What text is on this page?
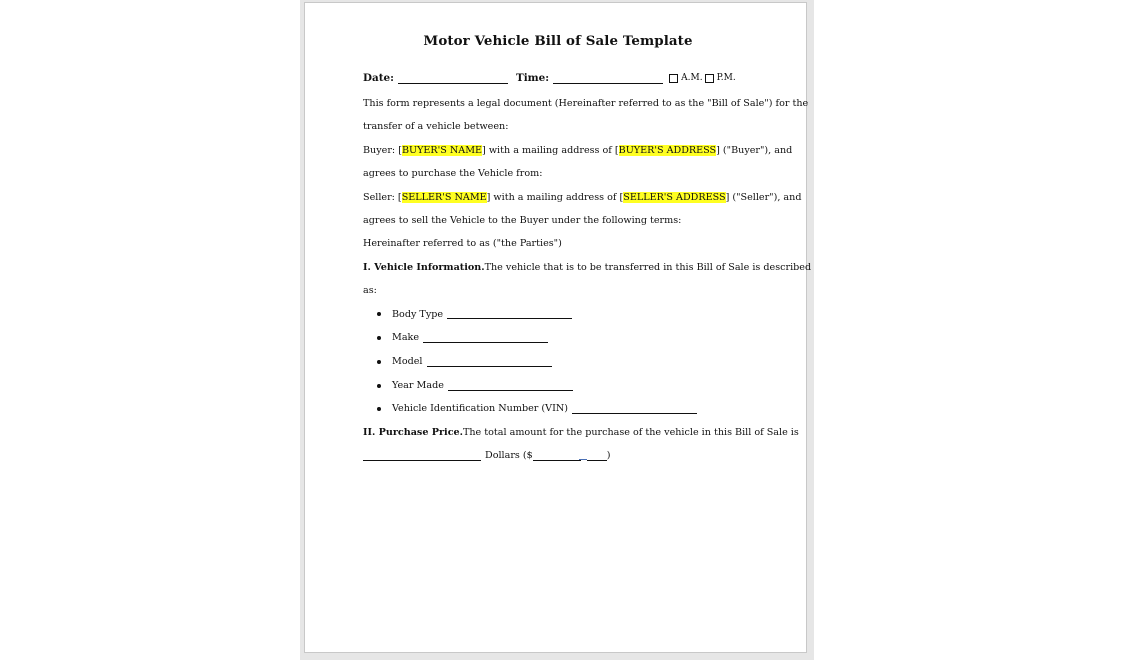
Motor Vehicle Bill of Sale Template
Date:	Time:	A.M. P.M.
This form represents a legal document (Hereinafter referred to as the "Bill of Sale") for the
transfer of a vehicle between:
Buyer: [ BUYER'S NAME ] with a mailing address of [ BUYER'S ADDRESS ] ("Buyer"), and
agrees to purchase the Vehicle from:
Seller: [ SELLER'S NAME ] with a mailing address of [ SELLER'S ADDRESS ] ("Seller"), and
agrees to sell the Vehicle to the Buyer under the following terms:
Hereinafter referred to as ("the Parties")
I. Vehicle Information. The vehicle that is to be transferred in this Bill of Sale is described
as:
Body Type
Make
Model
Year Made
Vehicle Identification Number (VIN)
II. Purchase Price. The total amount for the purchase of the vehicle in this Bill of Sale is
Dollars ($	)
